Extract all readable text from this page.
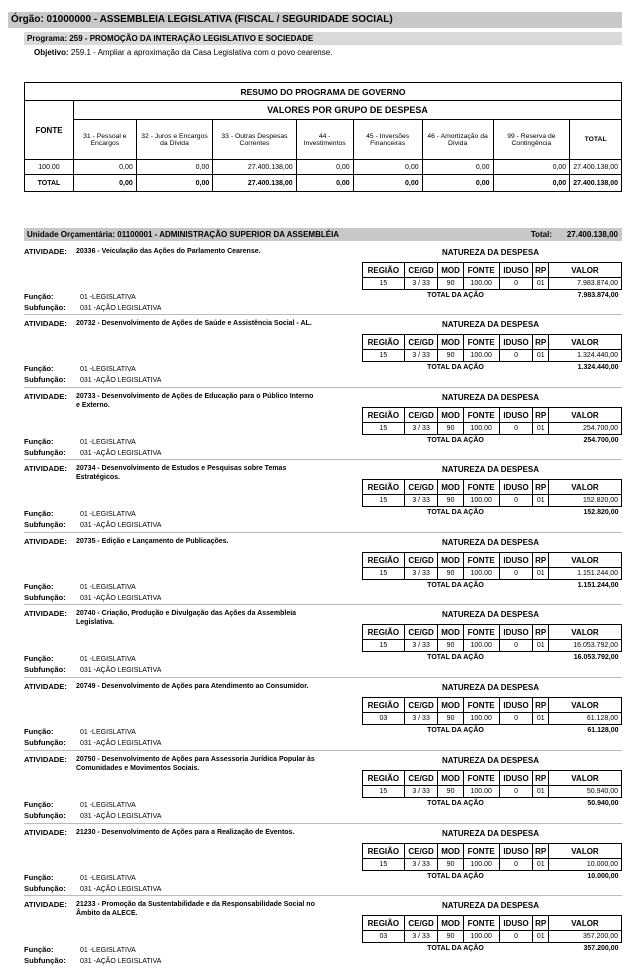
Órgão: 01000000 - ASSEMBLEIA LEGISLATIVA (FISCAL / SEGURIDADE SOCIAL)
Programa: 259 - PROMOÇÃO DA INTERAÇÃO LEGISLATIVO E SOCIEDADE
Objetivo: 259.1 - Ampliar a aproximação da Casa Legislativa com o povo cearense.
RESUMO DO PROGRAMA DE GOVERNO								
FONTE	VALORES POR GRUPO DE DESPESA							
	31 - Pessoal e Encargos	32 - Juros e Encargos da Dívida	33 - Outras Despesas Correntes	44 - Investimentos	45 - Inversões Financeiras	46 - Amortização da Dívida	99 - Reserva de Contingência	TOTAL
100.00	0,00	0,00	27.400.138,00	0,00	0,00	0,00	0,00	27.400.138,00
TOTAL	0,00	0,00	27.400.138,00	0,00	0,00	0,00	0,00	27.400.138,00
Unidade Orçamentária: 01100001 - ADMINISTRAÇÃO SUPERIOR DA ASSEMBLÉIA	Total: 27.400.138,00
ATIVIDADE: 20336 - Veiculação das Ações do Parlamento Cearense.	NATUREZA DA DESPESA
REGIÃO	CE/GD	MOD	FONTE	IDUSO	RP	VALOR
15	3 / 33	90	100.00	0	01	7.983.874,00
TOTAL DA AÇÃO						7.983.874,00
Função:	01 -LEGISLATIVA
Subfunção: 031 -AÇÃO LEGISLATIVA
ATIVIDADE: 20732 - Desenvolvimento de Ações de Saúde e Assistência Social - AL.	NATUREZA DA DESPESA
REGIÃO	CE/GD	MOD	FONTE	IDUSO	RP	VALOR
15	3 / 33	90	100.00	0	01	1.324.440,00
TOTAL DA AÇÃO						1.324.440,00
Função:	01 -LEGISLATIVA
Subfunção: 031 -AÇÃO LEGISLATIVA
ATIVIDADE: 20733 - Desenvolvimento de Ações de Educação para o Público Interno e Externo.
NATUREZA DA DESPESA
REGIÃO	CE/GD	MOD	FONTE	IDUSO	RP	VALOR
15	3 / 33	90	100.00	0	01	254.700,00
TOTAL DA AÇÃO						254.700,00
Função:	01 -LEGISLATIVA
Subfunção: 031 -AÇÃO LEGISLATIVA
ATIVIDADE: 20734 - Desenvolvimento de Estudos e Pesquisas sobre Temas Estratégicos.
NATUREZA DA DESPESA
REGIÃO	CE/GD	MOD	FONTE	IDUSO	RP	VALOR
15	3 / 33	90	100.00	0	01	152.820,00
TOTAL DA AÇÃO						152.820,00
Função:	01 -LEGISLATIVA
Subfunção: 031 -AÇÃO LEGISLATIVA
ATIVIDADE: 20735 - Edição e Lançamento de Publicações.	NATUREZA DA DESPESA
REGIÃO	CE/GD	MOD	FONTE	IDUSO	RP	VALOR
15	3 / 33	90	100.00	0	01	1.151.244,00
TOTAL DA AÇÃO						1.151.244,00
Função:	01 -LEGISLATIVA
Subfunção: 031 -AÇÃO LEGISLATIVA
ATIVIDADE: 20740 - Criação, Produção e Divulgação das Ações da Assembleia Legislativa.
NATUREZA DA DESPESA
REGIÃO	CE/GD	MOD	FONTE	IDUSO	RP	VALOR
15	3 / 33	90	100.00	0	01	16.053.792,00
TOTAL DA AÇÃO						16.053.792,00
Função:	01 -LEGISLATIVA
Subfunção: 031 -AÇÃO LEGISLATIVA
ATIVIDADE: 20749 - Desenvolvimento de Ações para Atendimento ao Consumidor.	NATUREZA DA DESPESA
REGIÃO	CE/GD	MOD	FONTE	IDUSO	RP	VALOR
03	3 / 33	90	100.00	0	01	61.128,00
TOTAL DA AÇÃO						61.128,00
Função:	01 -LEGISLATIVA
Subfunção: 031 -AÇÃO LEGISLATIVA
ATIVIDADE: 20750 - Desenvolvimento de Ações para Assessoria Jurídica Popular às Comunidades e Movimentos Sociais.
NATUREZA DA DESPESA
REGIÃO	CE/GD	MOD	FONTE	IDUSO	RP	VALOR
15	3 / 33	90	100.00	0	01	50.940,00
TOTAL DA AÇÃO						50.940,00
Função:	01 -LEGISLATIVA
Subfunção: 031 -AÇÃO LEGISLATIVA
ATIVIDADE: 21230 - Desenvolvimento de Ações para a Realização de Eventos.	NATUREZA DA DESPESA
REGIÃO	CE/GD	MOD	FONTE	IDUSO	RP	VALOR
15	3 / 33	90	100.00	0	01	10.000,00
TOTAL DA AÇÃO						10.000,00
Função:	01 -LEGISLATIVA
Subfunção: 031 -AÇÃO LEGISLATIVA
ATIVIDADE: 21233 - Promoção da Sustentabilidade e da Responsabilidade Social no Âmbito da ALECE.
NATUREZA DA DESPESA
REGIÃO	CE/GD	MOD	FONTE	IDUSO	RP	VALOR
03	3 / 33	90	100.00	0	01	357.200,00
TOTAL DA AÇÃO						357.200,00
Função:	01 -LEGISLATIVA
Subfunção: 031 -AÇÃO LEGISLATIVA
